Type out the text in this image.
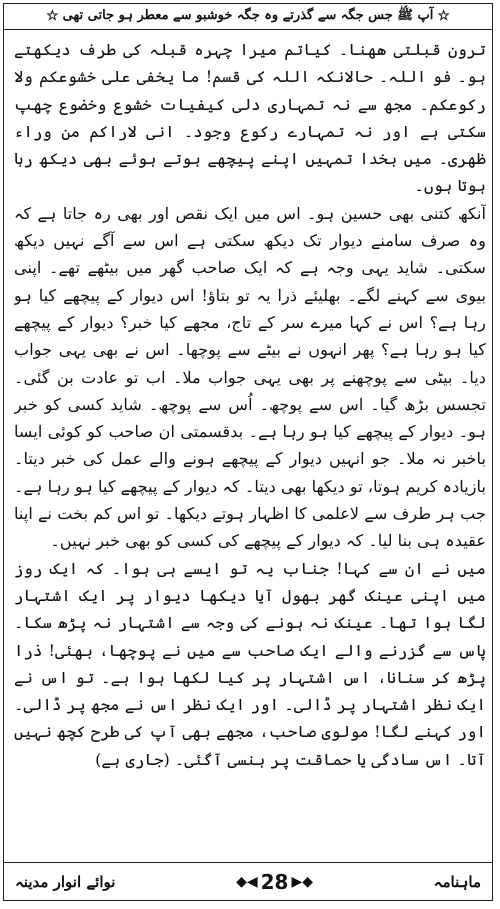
☆
آپ ﷺ جس جگہ سے گذرتے وہ جگہ خوشبو سے معطر ہو جاتی تھی
☆

ترون قبلتی ھھنا۔ کیاتم میرا چہرہ قبلہ کی طرف دیکھتے ہو۔ فو اللہ۔ حالانکہ اللہ کی قسم! ما یخفی علی خشوعکم ولا رکوعکم۔ مجھ سے نہ تمہاری دلی کیفیات خشوع وخضوع چھپ سکتی ہے اور نہ تمہارے رکوع وجود۔ انی لاراکم من وراء ظھری۔ میں بخدا تمہیں اپنے پیچھے ہوتے ہوئے بھی دیکھ رہا ہوتا ہوں۔

آنکھ کتنی بھی حسین ہو۔ اس میں ایک نقص اور بھی رہ جاتا ہے کہ وہ صرف سامنے دیوار تک دیکھ سکتی ہے اس سے آگے نہیں دیکھ سکتی۔ شاید یہی وجہ ہے کہ ایک صاحب گھر میں بیٹھے تھے۔ اپنی بیوی سے کہنے لگے۔ بھلیئے ذرا یہ تو بتاؤ! اس دیوار کے پیچھے کیا ہو رہا ہے؟ اس نے کہا میرے سر کے تاج، مجھے کیا خبر؟ دیوار کے پیچھے کیا ہو رہا ہے؟ پھر انہوں نے بیٹے سے پوچھا۔ اس نے بھی یہی جواب دیا۔ بیٹی سے پوچھنے پر بھی یہی جواب ملا۔ اب تو عادت بن گئی۔ تجسس بڑھ گیا۔ اس سے پوچھ۔ اُس سے پوچھ۔ شاید کسی کو خبر ہو۔ دیوار کے پیچھے کیا ہو رہا ہے۔ بدقسمتی ان صاحب کو کوئی ایسا باخبر نہ ملا۔ جو انہیں دیوار کے پیچھے ہونے والے عمل کی خبر دیتا۔ بازیادہ کریم ہوتا، تو دیکھا بھی دیتا۔ کہ دیوار کے پیچھے کیا ہو رہا ہے۔ جب ہر طرف سے لاعلمی کا اظہار ہوتے دیکھا۔ تو اس کم بخت نے اپنا عقیدہ ہی بنا لیا۔ کہ دیوار کے پیچھے کی کسی کو بھی خبر نہیں۔

میں نے ان سے کہا! جناب یہ تو ایسے ہی ہوا۔ کہ ایک روز میں اپنی عینک گھر بھول آیا دیکھا دیوار پر ایک اشتہار لگا ہوا تھا۔ عینک نہ ہونے کی وجہ سے اشتہار نہ پڑھ سکا۔ پاس سے گزرنے والے ایک صاحب سے میں نے پوچھا، بھئی! ذرا پڑھ کر سنانا، اس اشتہار پر کیا لکھا ہوا ہے۔ تو اس نے ایک نظر اشتہار پر ڈالی۔ اور ایک نظر اس نے مجھ پر ڈالی۔ اور کہنے لگا! مولوی صاحب، مجھے بھی آپ کی طرح کچھ نہیں آتا۔ اس سادگی یا حماقت پر ہنسی آگئی۔ (جاری ہے)

ماہنامہ
◆◀ 28 ▶◆
نوائے انوار مدینہ
